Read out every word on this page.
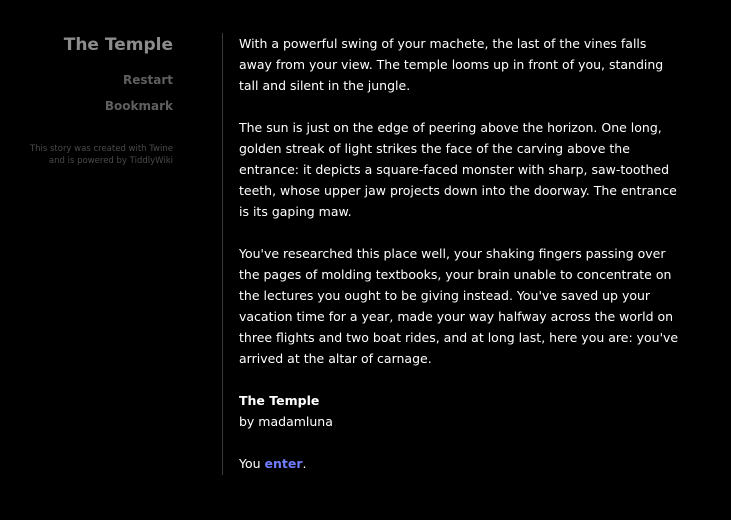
The Temple
Restart
Bookmark
This story was created with Twine and is powered by TiddlyWiki

With a powerful swing of your machete, the last of the vines falls away from your view. The temple looms up in front of you, standing tall and silent in the jungle.

The sun is just on the edge of peering above the horizon. One long, golden streak of light strikes the face of the carving above the entrance: it depicts a square-faced monster with sharp, saw-toothed teeth, whose upper jaw projects down into the doorway. The entrance is its gaping maw.

You've researched this place well, your shaking fingers passing over the pages of molding textbooks, your brain unable to concentrate on the lectures you ought to be giving instead. You've saved up your vacation time for a year, made your way halfway across the world on three flights and two boat rides, and at long last, here you are: you've arrived at the altar of carnage.

The Temple
by madamluna

You enter.
